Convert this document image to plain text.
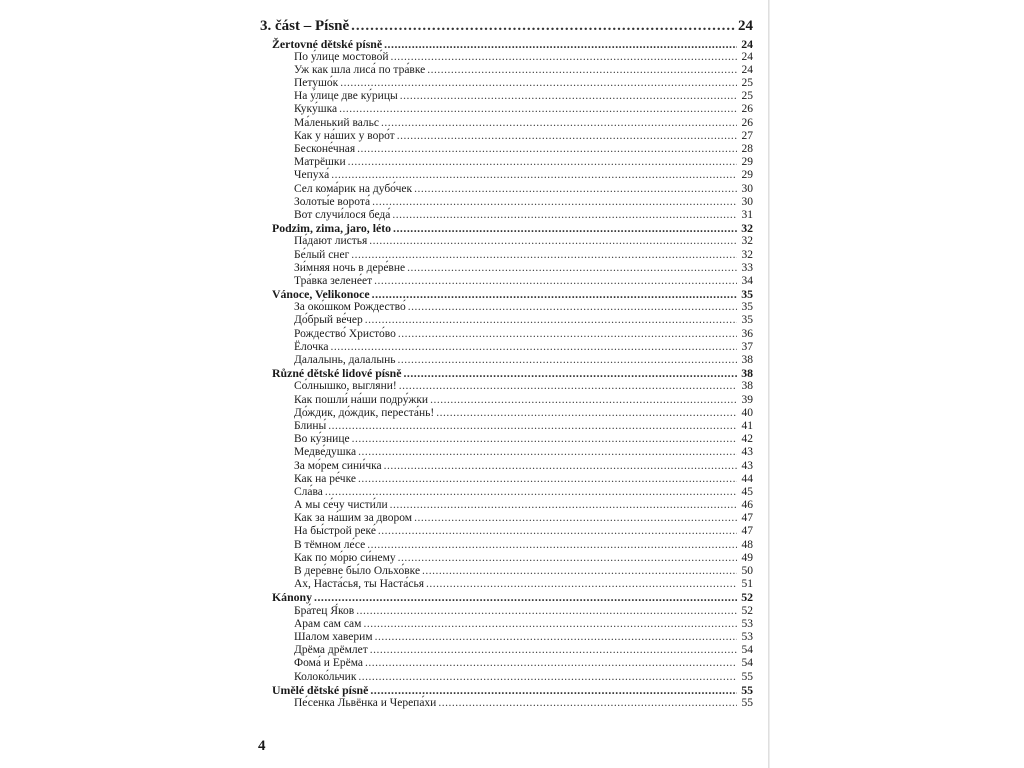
3. část – Písně .....	24
Žertovné dětské písně .....	24
По у́лице мостово́й .....	24
Уж как шла лиса́ по тра́вке .....	24
Петушо́к .....	25
На у́лице две ку́рицы .....	25
Куку́шка .....	26
Ма́ленький вальс .....	26
Как у на́ших у воро́т .....	27
Бесконе́чная .....	28
Матрёшки .....	29
Чепуха́ .....	29
Сел кома́рик на дубо́чек .....	30
Золоты́е ворота́ .....	30
Вот случи́лося беда́ .....	31
Podzim, zima, jaro, léto .....	32
Па́дают ли́стья .....	32
Бе́лый снег .....	32
Зи́мняя ночь в дере́вне .....	33
Тра́вка зелене́ет .....	34
Vánoce, Velikonoce .....	35
За око́шком Рождество́ .....	35
До́брый ве́чер .....	35
Рождество́ Христо́во .....	36
Ёлочка .....	37
Далалынь, далалынь .....	38
Různé dětské lidové písně .....	38
Со́лнышко, выгляни! .....	38
Как пошли́ на́ши подру́жки .....	39
До́ждик, до́ждик, переста́нь! .....	40
Блины́ .....	41
Во ку́знице .....	42
Медве́душка .....	43
За мо́рем сини́чка .....	43
Как на ре́чке .....	44
Сла́ва .....	45
А мы се́чу чисти́ли .....	46
Как за на́шим за двором .....	47
На бы́строй реке́ .....	47
В тёмном ле́се .....	48
Как по мо́рю си́нему .....	49
В дере́вне бы́ло Ольхо́вке .....	50
Ах, Наста́сья, ты Наста́сья .....	51
Kánony .....	52
Бра́тец Я́ков .....	52
Арам сам сам .....	53
Шалом хаверим .....	53
Дрёма дрёмлет .....	54
Фома́ и Ерёма .....	54
Колоко́льчик .....	55
Umělé dětské písně .....	55
Пе́сенка Львёнка и Черепа́хи .....	55
4
